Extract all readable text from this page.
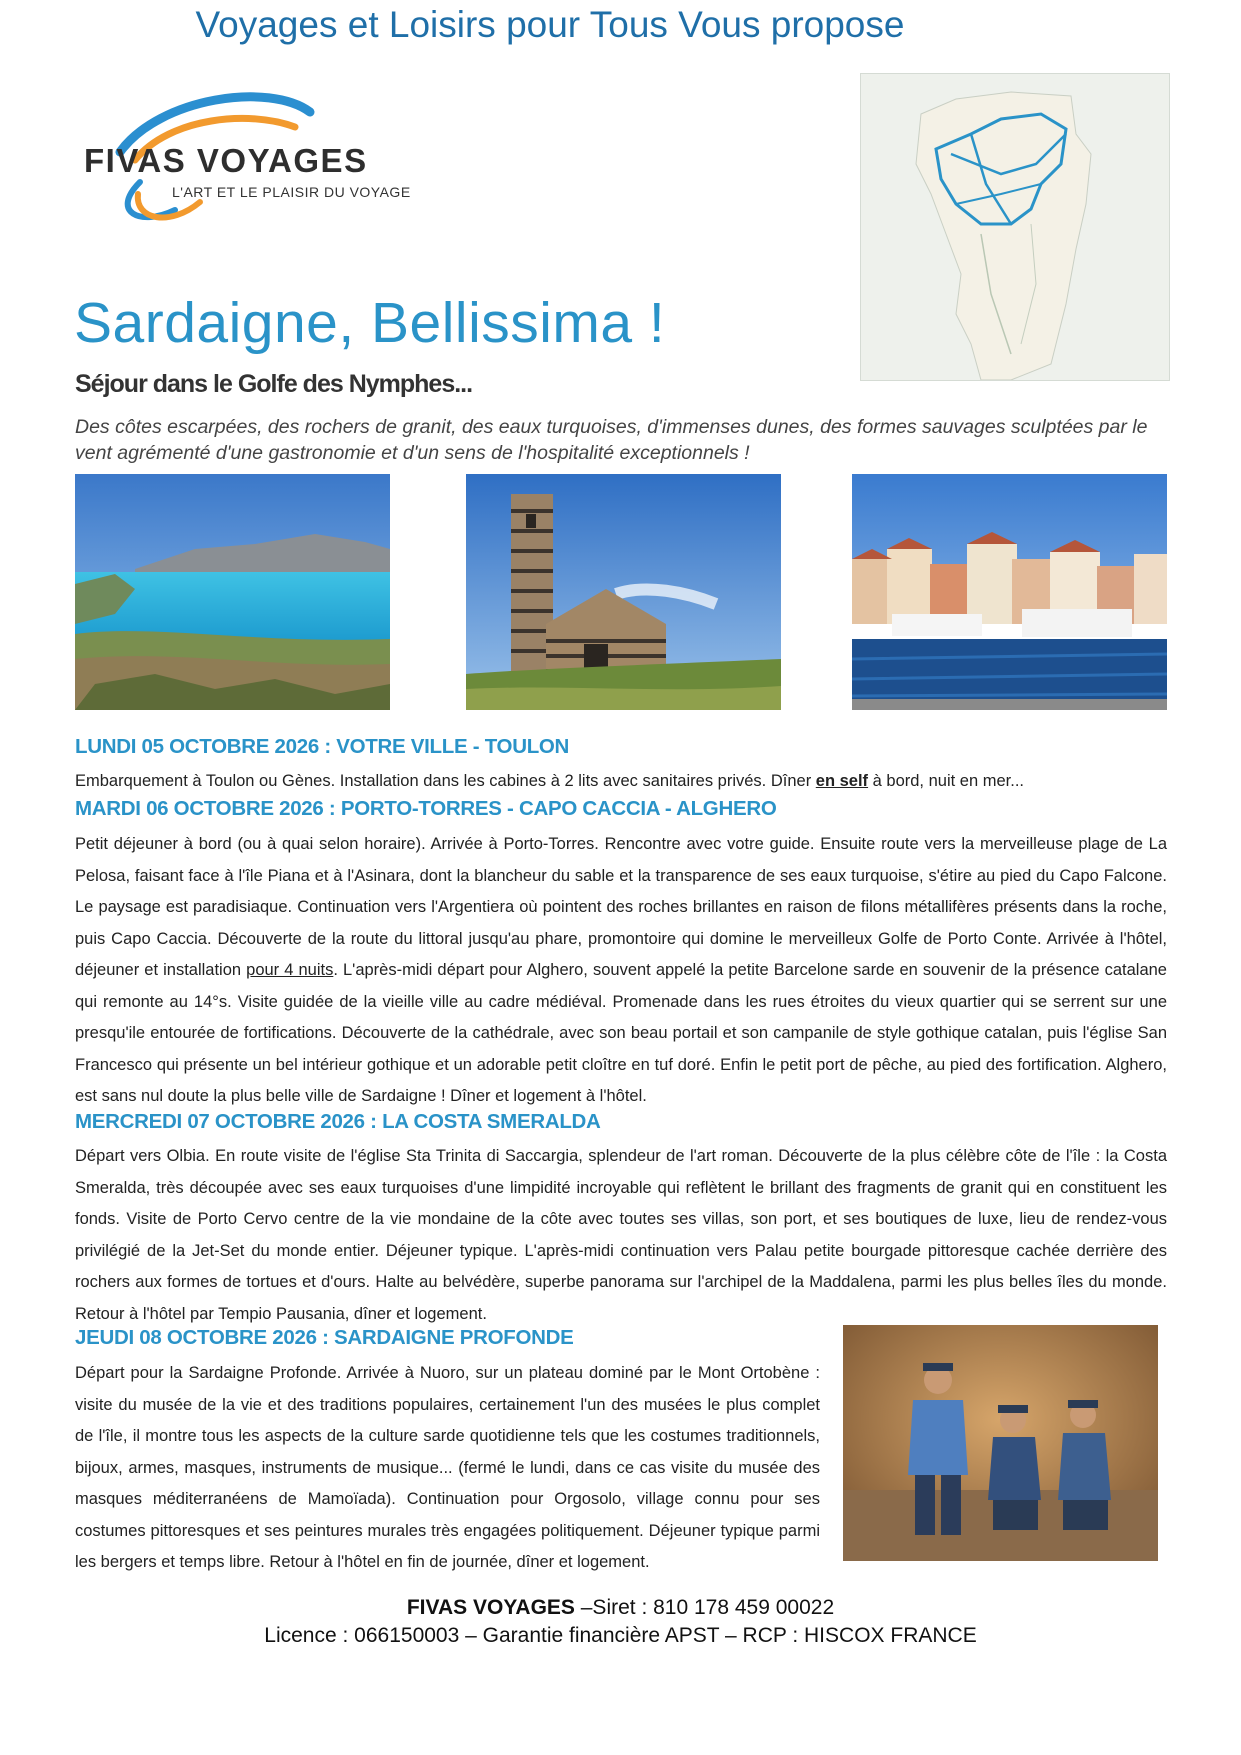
Voyages et Loisirs pour Tous Vous propose
FIVAS VOYAGES
L'ART ET LE PLAISIR DU VOYAGE
Sardaigne, Bellissima !
Séjour dans le Golfe des Nymphes...
Des côtes escarpées, des rochers de granit, des eaux turquoises, d'immenses dunes, des formes sauvages sculptées par le vent agrémenté d'une gastronomie et d'un sens de l'hospitalité exceptionnels !
LUNDI 05 OCTOBRE 2026 : VOTRE VILLE - TOULON
Embarquement à Toulon ou Gènes. Installation dans les cabines à 2 lits avec sanitaires privés. Dîner en self à bord, nuit en mer...
MARDI 06 OCTOBRE 2026 : PORTO-TORRES - CAPO CACCIA - ALGHERO
Petit déjeuner à bord (ou à quai selon horaire). Arrivée à Porto-Torres. Rencontre avec votre guide. Ensuite route vers la merveilleuse plage de La Pelosa, faisant face à l'île Piana et à l'Asinara, dont la blancheur du sable et la transparence de ses eaux turquoise, s'étire au pied du Capo Falcone. Le paysage est paradisiaque. Continuation vers l'Argentiera où pointent des roches brillantes en raison de filons métallifères présents dans la roche, puis Capo Caccia. Découverte de la route du littoral jusqu'au phare, promontoire qui domine le merveilleux Golfe de Porto Conte. Arrivée à l'hôtel, déjeuner et installation pour 4 nuits. L'après-midi départ pour Alghero, souvent appelé la petite Barcelone sarde en souvenir de la présence catalane qui remonte au 14°s. Visite guidée de la vieille ville au cadre médiéval. Promenade dans les rues étroites du vieux quartier qui se serrent sur une presqu'ile entourée de fortifications. Découverte de la cathédrale, avec son beau portail et son campanile de style gothique catalan, puis l'église San Francesco qui présente un bel intérieur gothique et un adorable petit cloître en tuf doré. Enfin le petit port de pêche, au pied des fortification. Alghero, est sans nul doute la plus belle ville de Sardaigne ! Dîner et logement à l'hôtel.
MERCREDI 07 OCTOBRE 2026 : LA COSTA SMERALDA
Départ vers Olbia. En route visite de l'église Sta Trinita di Saccargia, splendeur de l'art roman. Découverte de la plus célèbre côte de l'île : la Costa Smeralda, très découpée avec ses eaux turquoises d'une limpidité incroyable qui reflètent le brillant des fragments de granit qui en constituent les fonds. Visite de Porto Cervo centre de la vie mondaine de la côte avec toutes ses villas, son port, et ses boutiques de luxe, lieu de rendez-vous privilégié de la Jet-Set du monde entier. Déjeuner typique. L'après-midi continuation vers Palau petite bourgade pittoresque cachée derrière des rochers aux formes de tortues et d'ours. Halte au belvédère, superbe panorama sur l'archipel de la Maddalena, parmi les plus belles îles du monde. Retour à l'hôtel par Tempio Pausania, dîner et logement.
JEUDI 08 OCTOBRE 2026 : SARDAIGNE PROFONDE
Départ pour la Sardaigne Profonde. Arrivée à Nuoro, sur un plateau dominé par le Mont Ortobène : visite du musée de la vie et des traditions populaires, certainement l'un des musées le plus complet de l'île, il montre tous les aspects de la culture sarde quotidienne tels que les costumes traditionnels, bijoux, armes, masques, instruments de musique... (fermé le lundi, dans ce cas visite du musée des masques méditerranéens de Mamoïada). Continuation pour Orgosolo, village connu pour ses costumes pittoresques et ses peintures murales très engagées politiquement. Déjeuner typique parmi les bergers et temps libre. Retour à l'hôtel en fin de journée, dîner et logement.
FIVAS VOYAGES –Siret : 810 178 459 00022
Licence : 066150003 – Garantie financière APST – RCP : HISCOX FRANCE
